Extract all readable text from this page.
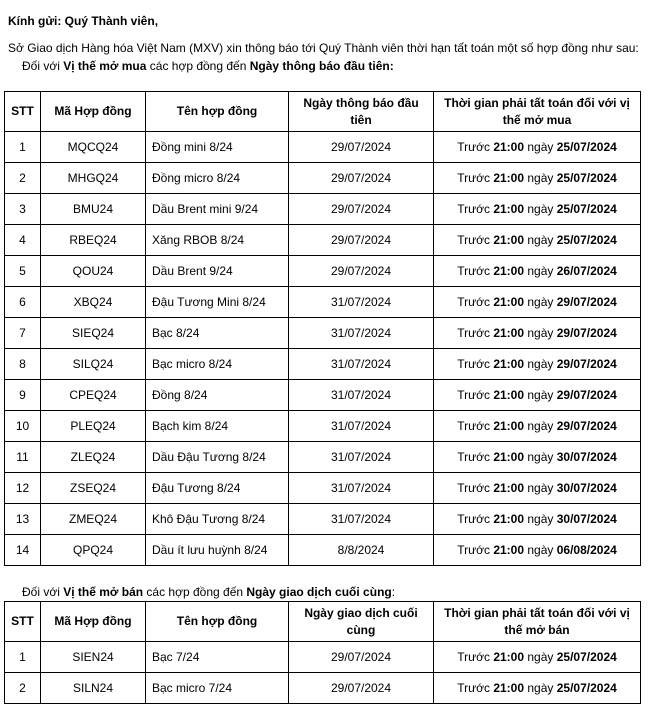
Kính gửi: Quý Thành viên,
Sở Giao dịch Hàng hóa Việt Nam (MXV) xin thông báo tới Quý Thành viên thời hạn tất toán một số hợp đồng như sau:
Đối với Vị thế mở mua các hợp đồng đến Ngày thông báo đầu tiên:
STT	Mã Hợp đồng	Tên hợp đồng	Ngày thông báo đầu tiên	Thời gian phải tất toán đối với vị thế mở mua
1	MQCQ24	Đồng mini 8/24	29/07/2024	Trước 21:00 ngày 25/07/2024
2	MHGQ24	Đồng micro 8/24	29/07/2024	Trước 21:00 ngày 25/07/2024
3	BMU24	Dầu Brent mini 9/24	29/07/2024	Trước 21:00 ngày 25/07/2024
4	RBEQ24	Xăng RBOB 8/24	29/07/2024	Trước 21:00 ngày 25/07/2024
5	QOU24	Dầu Brent 9/24	29/07/2024	Trước 21:00 ngày 26/07/2024
6	XBQ24	Đậu Tương Mini 8/24	31/07/2024	Trước 21:00 ngày 29/07/2024
7	SIEQ24	Bạc 8/24	31/07/2024	Trước 21:00 ngày 29/07/2024
8	SILQ24	Bạc micro 8/24	31/07/2024	Trước 21:00 ngày 29/07/2024
9	CPEQ24	Đồng 8/24	31/07/2024	Trước 21:00 ngày 29/07/2024
10	PLEQ24	Bạch kim 8/24	31/07/2024	Trước 21:00 ngày 29/07/2024
11	ZLEQ24	Dầu Đậu Tương 8/24	31/07/2024	Trước 21:00 ngày 30/07/2024
12	ZSEQ24	Đậu Tương 8/24	31/07/2024	Trước 21:00 ngày 30/07/2024
13	ZMEQ24	Khô Đậu Tương 8/24	31/07/2024	Trước 21:00 ngày 30/07/2024
14	QPQ24	Dầu ít lưu huỳnh 8/24	8/8/2024	Trước 21:00 ngày 06/08/2024
Đối với Vị thế mở bán các hợp đồng đến Ngày giao dịch cuối cùng:
STT	Mã Hợp đồng	Tên hợp đồng	Ngày giao dịch cuối cùng	Thời gian phải tất toán đối với vị thế mở bán
1	SIEN24	Bạc 7/24	29/07/2024	Trước 21:00 ngày 25/07/2024
2	SILN24	Bạc micro 7/24	29/07/2024	Trước 21:00 ngày 25/07/2024
